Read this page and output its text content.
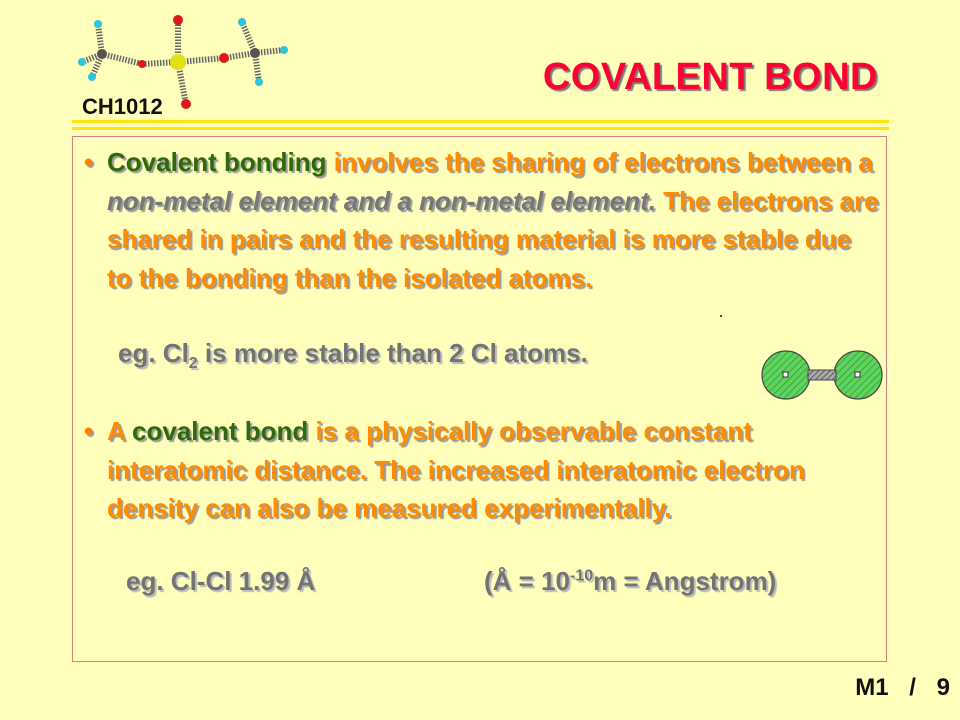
CH1012
COVALENT BOND
• Covalent bonding involves the sharing of electrons between a non-metal element and a non-metal element. The electrons are shared in pairs and the resulting material is more stable due to the bonding than the isolated atoms.
eg. $Cl_2$ is more stable than 2 Cl atoms.
• A covalent bond is a physically observable constant interatomic distance. The increased interatomic electron density can also be measured experimentally.
eg. Cl-Cl 1.99 Å	(Å = $10^{-10}m$ = Angstrom)
M1 / 9
